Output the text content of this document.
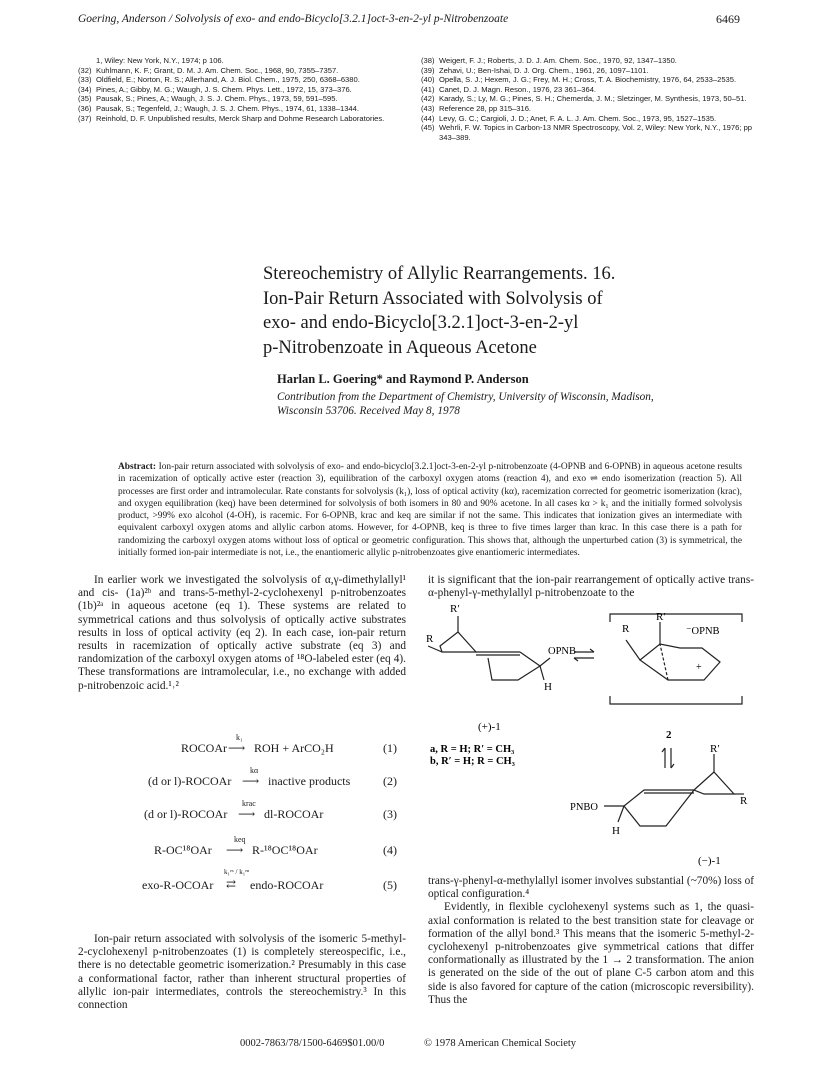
Goering, Anderson / Solvolysis of exo- and endo-Bicyclo[3.2.1]oct-3-en-2-yl p-Nitrobenzoate	6469
1, Wiley: New York, N.Y., 1974; p 106.
(32) Kuhlmann, K. F.; Grant, D. M. J. Am. Chem. Soc., 1968, 90, 7355–7357.
(33) Oldfield, E.; Norton, R. S.; Allerhand, A. J. Biol. Chem., 1975, 250, 6368–6380.
(34) Pines, A.; Gibby, M. G.; Waugh, J. S. Chem. Phys. Lett., 1972, 15, 373–376.
(35) Pausak, S.; Pines, A.; Waugh, J. S. J. Chem. Phys., 1973, 59, 591–595.
(36) Pausak, S.; Tegenfeld, J.; Waugh, J. S. J. Chem. Phys., 1974, 61, 1338–1344.
(37) Reinhold, D. F. Unpublished results, Merck Sharp and Dohme Research Laboratories.
(38) Weigert, F. J.; Roberts, J. D. J. Am. Chem. Soc., 1970, 92, 1347–1350.
(39) Zehavi, U.; Ben-Ishai, D. J. Org. Chem., 1961, 26, 1097–1101.
(40) Opella, S. J.; Hexem, J. G.; Frey, M. H.; Cross, T. A. Biochemistry, 1976, 64, 2533–2535.
(41) Canet, D. J. Magn. Reson., 1976, 23 361–364.
(42) Karady, S.; Ly, M. G.; Pines, S. H.; Chemerda, J. M.; Sletzinger, M. Synthesis, 1973, 50–51.
(43) Reference 28, pp 315–316.
(44) Levy, G. C.; Cargioli, J. D.; Anet, F. A. L. J. Am. Chem. Soc., 1973, 95, 1527–1535.
(45) Wehrli, F. W. Topics in Carbon-13 NMR Spectroscopy, Vol. 2, Wiley: New York, N.Y., 1976; pp 343–389.
Stereochemistry of Allylic Rearrangements. 16.
Ion-Pair Return Associated with Solvolysis of
exo- and endo-Bicyclo[3.2.1]oct-3-en-2-yl
p-Nitrobenzoate in Aqueous Acetone
Harlan L. Goering* and Raymond P. Anderson
Contribution from the Department of Chemistry, University of Wisconsin, Madison, Wisconsin 53706. Received May 8, 1978
Abstract: Ion-pair return associated with solvolysis of exo- and endo-bicyclo[3.2.1]oct-3-en-2-yl p-nitrobenzoate (4-OPNB and 6-OPNB) in aqueous acetone results in racemization of optically active ester (reaction 3), equilibration of the carboxyl oxygen atoms (reaction 4), and exo ⇌ endo isomerization (reaction 5). All processes are first order and intramolecular. Rate constants for solvolysis (k₁), loss of optical activity (kα), racemization corrected for geometric isomerization (krac), and oxygen equilibration (keq) have been determined for solvolysis of both isomers in 80 and 90% acetone. In all cases kα > k₁ and the initially formed solvolysis product, >99% exo alcohol (4-OH), is racemic. For 6-OPNB, krac and keq are similar if not the same. This indicates that ionization gives an intermediate with equivalent carboxyl oxygen atoms and allylic carbon atoms. However, for 4-OPNB, keq is three to five times larger than krac. In this case there is a path for randomizing the carboxyl oxygen atoms without loss of optical or geometric configuration. This shows that, although the unperturbed cation (3) is symmetrical, the initially formed ion-pair intermediate is not, i.e., the enantiomeric allylic p-nitrobenzoates give enantiomeric intermediates.

In earlier work we investigated the solvolysis of α,γ-dimethylallyl¹ and cis- (1a)²ᵇ and trans-5-methyl-2-cyclohexenyl p-nitrobenzoates (1b)²ᵃ in aqueous acetone (eq 1). These systems are related to symmetrical cations and thus solvolysis of optically active substrates results in loss of optical activity (eq 2). In each case, ion-pair return results in racemization of optically active substrate (eq 3) and randomization of the carboxyl oxygen atoms of ¹⁸O-labeled ester (eq 4). These transformations are intramolecular, i.e., no exchange with added p-nitrobenzoic acid.¹˒²

ROCOAr
k₁
⟶ ROH + ArCO₂H	(1)
(d or l)-ROCOAr
kα
⟶ inactive products	(2)
(d or l)-ROCOAr
krac
⟶ dl-ROCOAr	(3)
R-OC¹⁸OAr
keq
⟶ R-¹⁸OC¹⁸OAr	(4)
exo-R-OCOAr
k₁ᵉˣ / k₁ᵉⁿ
⇄ endo-ROCOAr	(5)

Ion-pair return associated with solvolysis of the isomeric 5-methyl-2-cyclohexenyl p-nitrobenzoates (1) is completely stereospecific, i.e., there is no detectable geometric isomerization.² Presumably in this case a conformational factor, rather than inherent structural properties of allylic ion-pair intermediates, controls the stereochemistry.³ In this connection

it is significant that the ion-pair rearrangement of optically active trans-α-phenyl-γ-methylallyl p-nitrobenzoate to the

R′
R
OPNB
H
(+)-1
a, R = H; R′ = CH₃
b, R′ = H; R = CH₃
R
R′
⁻OPNB
+
2
R′
R
PNBO
H
(−)-1

trans-γ-phenyl-α-methylallyl isomer involves substantial (~70%) loss of optical configuration.⁴

Evidently, in flexible cyclohexenyl systems such as 1, the quasi-axial conformation is related to the best transition state for cleavage or formation of the allyl bond.³ This means that the isomeric 5-methyl-2-cyclohexenyl p-nitrobenzoates give symmetrical cations that differ conformationally as illustrated by the 1 → 2 transformation. The anion is generated on the side of the out of plane C-5 carbon atom and this side is also favored for capture of the cation (microscopic reversibility). Thus the

0002-7863/78/1500-6469$01.00/0	© 1978 American Chemical Society
